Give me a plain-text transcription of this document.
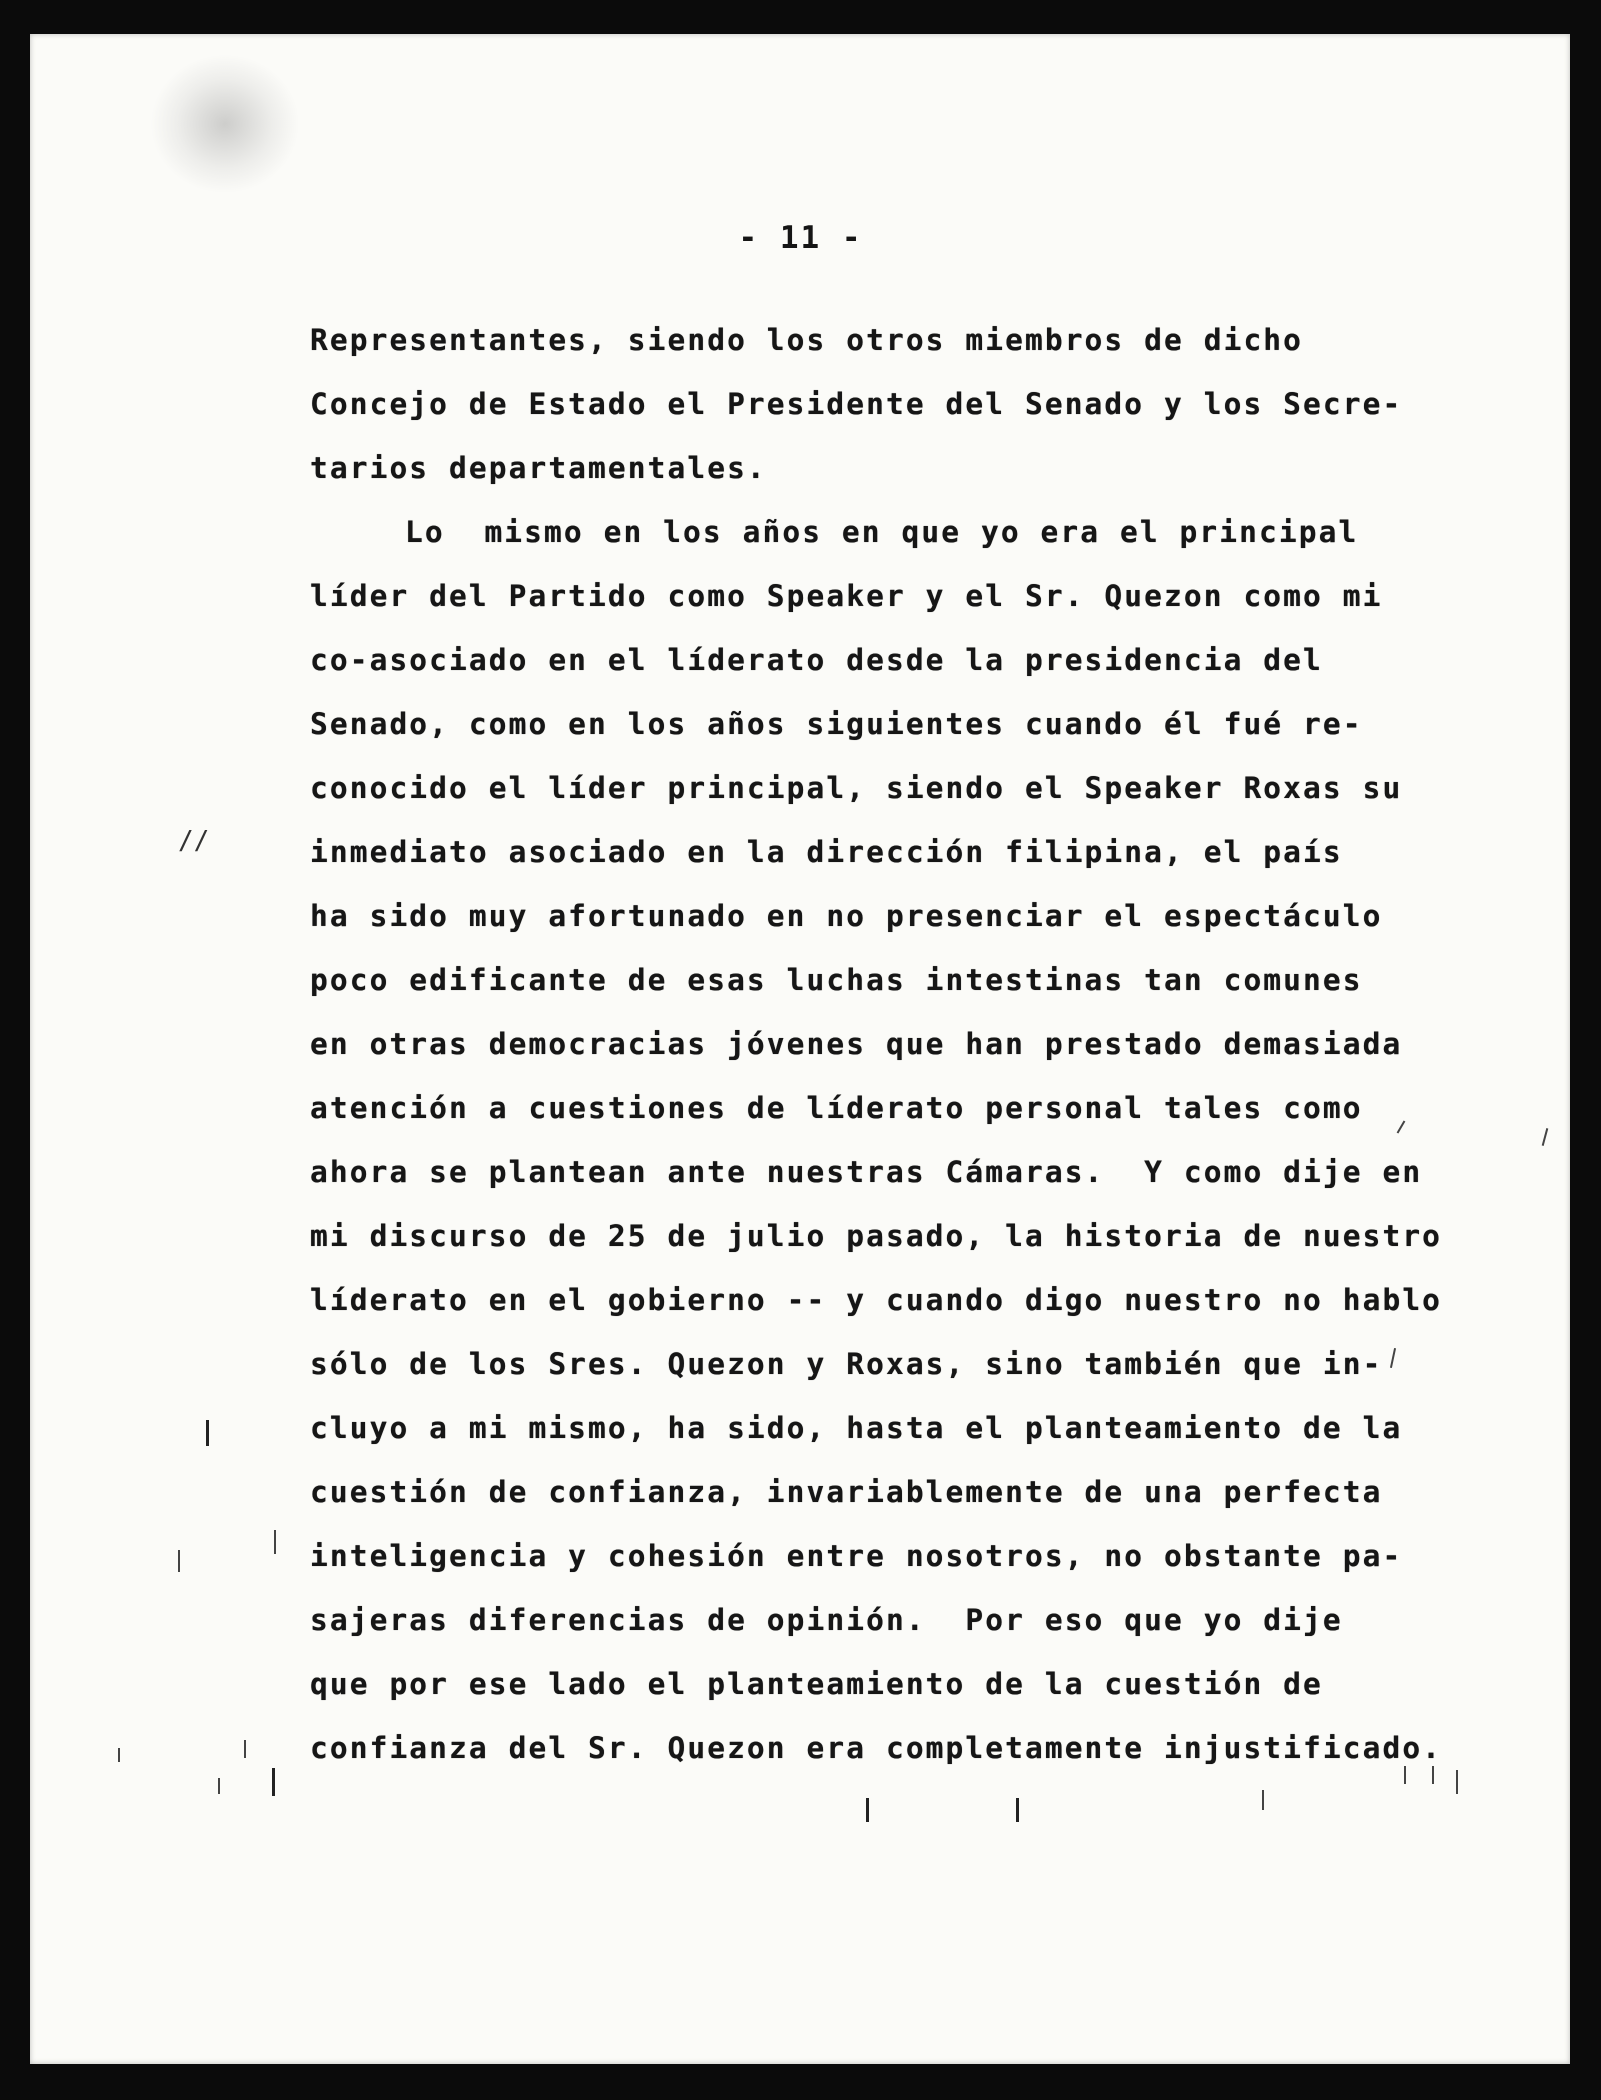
- 11 -

Representantes, siendo los otros miembros de dicho

Concejo de Estado el Presidente del Senado y los Secre-

tarios departamentales.

Lo  mismo en los años en que yo era el principal

líder del Partido como Speaker y el Sr. Quezon como mi

co-asociado en el líderato desde la presidencia del

Senado, como en los años siguientes cuando él fué re-

conocido el líder principal, siendo el Speaker Roxas su

inmediato asociado en la dirección filipina, el país

ha sido muy afortunado en no presenciar el espectáculo

poco edificante de esas luchas intestinas tan comunes

en otras democracias jóvenes que han prestado demasiada

atención a cuestiones de líderato personal tales como

ahora se plantean ante nuestras Cámaras.  Y como dije en

mi discurso de 25 de julio pasado, la historia de nuestro

líderato en el gobierno -- y cuando digo nuestro no hablo

sólo de los Sres. Quezon y Roxas, sino también que in-

cluyo a mi mismo, ha sido, hasta el planteamiento de la

cuestión de confianza, invariablemente de una perfecta

inteligencia y cohesión entre nosotros, no obstante pa-

sajeras diferencias de opinión.  Por eso que yo dije

que por ese lado el planteamiento de la cuestión de

confianza del Sr. Quezon era completamente injustificado.

//
